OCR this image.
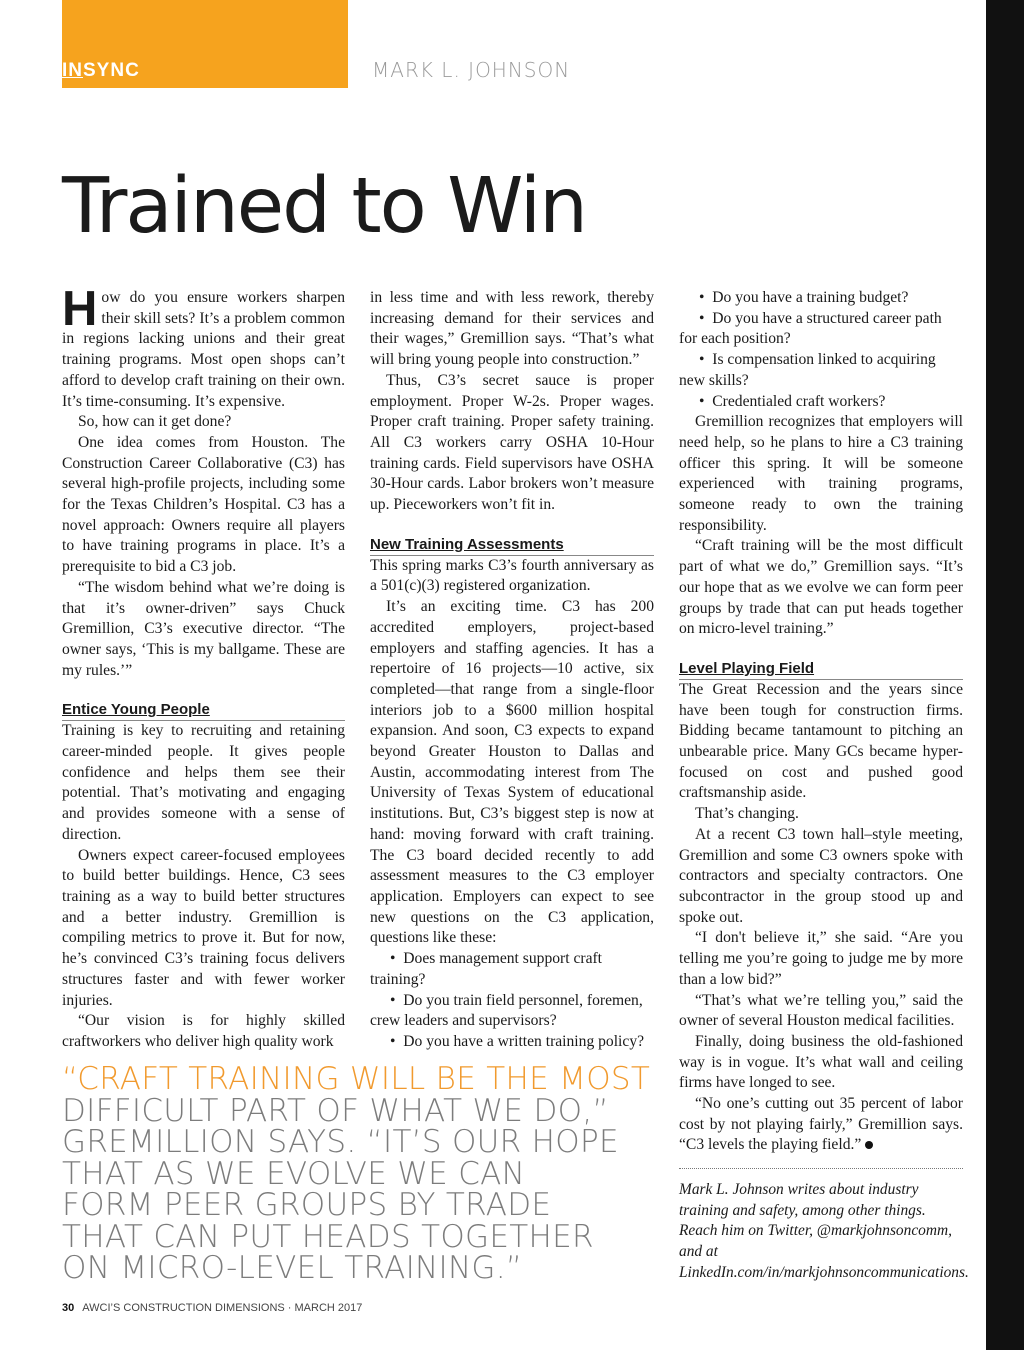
INSYNC	MARK L. JOHNSON
Trained to Win

How do you ensure workers sharpen their skill sets? It’s a problem common in regions lacking unions and their great training programs. Most open shops can’t afford to develop craft training on their own. It’s time-consuming. It’s expensive.

So, how can it get done?

One idea comes from Houston. The Construction Career Collaborative (C3) has several high-profile projects, including some for the Texas Children’s Hospital. C3 has a novel approach: Owners require all players to have training programs in place. It’s a prerequisite to bid a C3 job.

“The wisdom behind what we’re doing is that it’s owner-driven” says Chuck Gremillion, C3’s executive director. “The owner says, ‘This is my ballgame. These are my rules.’”

Entice Young People

Training is key to recruiting and retaining career-minded people. It gives people confidence and helps them see their potential. That’s motivating and engaging and provides someone with a sense of direction.

Owners expect career-focused employees to build better buildings. Hence, C3 sees training as a way to build better structures and a better industry. Gremillion is compiling metrics to prove it. But for now, he’s convinced C3’s training focus delivers structures faster and with fewer worker injuries.

“Our vision is for highly skilled craftworkers who deliver high quality work

in less time and with less rework, thereby increasing demand for their services and their wages,” Gremillion says. “That’s what will bring young people into construction.”

Thus, C3’s secret sauce is proper employment. Proper W-2s. Proper wages. Proper craft training. Proper safety training. All C3 workers carry OSHA 10-Hour training cards. Field supervisors have OSHA 30-Hour cards. Labor brokers won’t measure up. Pieceworkers won’t fit in.

New Training Assessments

This spring marks C3’s fourth anniversary as a 501(c)(3) registered organization.

It’s an exciting time. C3 has 200 accredited employers, project-based employers and staffing agencies. It has a repertoire of 16 projects—10 active, six completed—that range from a single-floor interiors job to a $600 million hospital expansion. And soon, C3 expects to expand beyond Greater Houston to Dallas and Austin, accommodating interest from The University of Texas System of educational institutions. But, C3’s biggest step is now at hand: moving forward with craft training. The C3 board decided recently to add assessment measures to the C3 employer application. Employers can expect to see new questions on the C3 application, questions like these:

•  Does management support craft training?

•  Do you train field personnel, foremen, crew leaders and supervisors?

•  Do you have a written training policy?

•  Do you have a training budget?

•  Do you have a structured career path for each position?

•  Is compensation linked to acquiring new skills?

•  Credentialed craft workers?

Gremillion recognizes that employers will need help, so he plans to hire a C3 training officer this spring. It will be someone experienced with training programs, someone ready to own the training responsibility.

“Craft training will be the most difficult part of what we do,” Gremillion says. “It’s our hope that as we evolve we can form peer groups by trade that can put heads together on micro-level training.”

Level Playing Field

The Great Recession and the years since have been tough for construction firms. Bidding became tantamount to pitching an unbearable price. Many GCs became hyper-focused on cost and pushed good craftsmanship aside.

That’s changing.

At a recent C3 town hall–style meeting, Gremillion and some C3 owners spoke with contractors and specialty contractors. One subcontractor in the group stood up and spoke out.

“I don't believe it,” she said. “Are you telling me you’re going to judge me by more than a low bid?”

“That’s what we’re telling you,” said the owner of several Houston medical facilities.

Finally, doing business the old-fashioned way is in vogue. It’s what wall and ceiling firms have longed to see.

“No one’s cutting out 35 percent of labor cost by not playing fairly,” Gremillion says. “C3 levels the playing field.”

“CRAFT TRAINING WILL BE THE MOST
DIFFICULT PART OF WHAT WE DO,”
GREMILLION SAYS. “IT’S OUR HOPE
THAT AS WE EVOLVE WE CAN
FORM PEER GROUPS BY TRADE
THAT CAN PUT HEADS TOGETHER
ON MICRO-LEVEL TRAINING.”

Mark L. Johnson writes about industry training and safety, among other things. Reach him on Twitter, @markjohnsoncomm, and at LinkedIn.com/in/markjohnsoncommunications.

30 AWCI’S CONSTRUCTION DIMENSIONS · MARCH 2017
